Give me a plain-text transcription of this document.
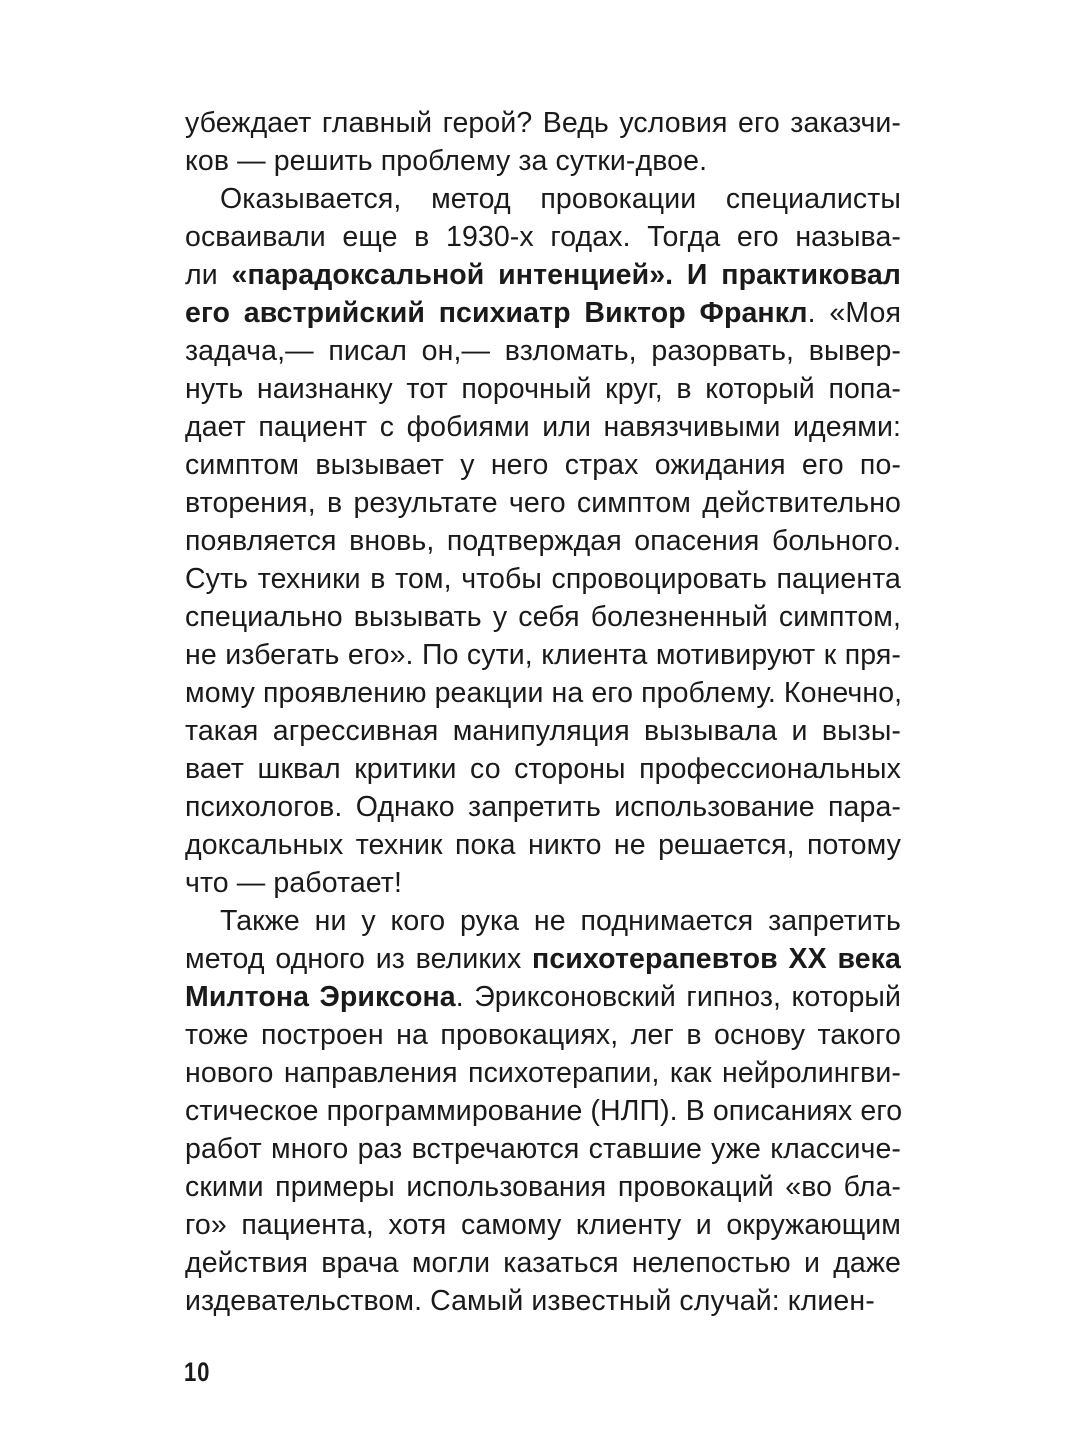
убеждает главный герой? Ведь условия его заказчи-
ков — решить проблему за сутки-двое.
Оказывается, метод провокации специалисты
осваивали еще в 1930-х годах. Тогда его называ-
ли «парадоксальной интенцией». И практиковал
его австрийский психиатр Виктор Франкл. «Моя
задача,— писал он,— взломать, разорвать, вывер-
нуть наизнанку тот порочный круг, в который попа-
дает пациент с фобиями или навязчивыми идеями:
симптом вызывает у него страх ожидания его по-
вторения, в результате чего симптом действительно
появляется вновь, подтверждая опасения больного.
Суть техники в том, чтобы спровоцировать пациента
специально вызывать у себя болезненный симптом,
не избегать его». По сути, клиента мотивируют к пря-
мому проявлению реакции на его проблему. Конечно,
такая агрессивная манипуляция вызывала и вызы-
вает шквал критики со стороны профессиональных
психологов. Однако запретить использование пара-
доксальных техник пока никто не решается, потому
что — работает!
Также ни у кого рука не поднимается запретить
метод одного из великих психотерапевтов XX века
Милтона Эриксона. Эриксоновский гипноз, который
тоже построен на провокациях, лег в основу такого
нового направления психотерапии, как нейролингви-
стическое программирование (НЛП). В описаниях его
работ много раз встречаются ставшие уже классиче-
скими примеры использования провокаций «во бла-
го» пациента, хотя самому клиенту и окружающим
действия врача могли казаться нелепостью и даже
издевательством. Самый известный случай: клиен-
10
